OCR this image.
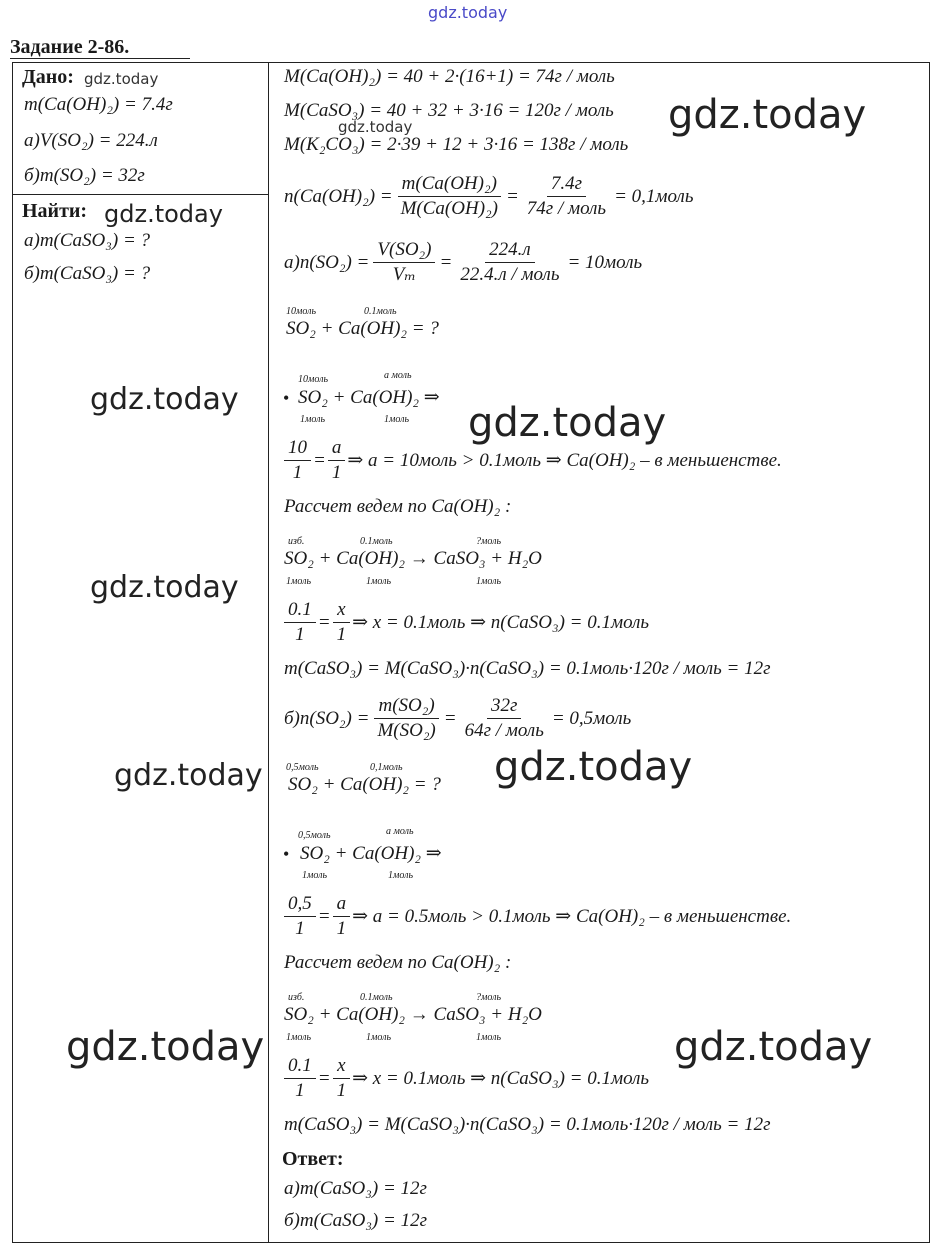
gdz.today
Задание 2-86.
Дано: gdz.today
m(Ca(OH)₂) = 7.4г
а)V(SO₂) = 224.л
б)m(SO₂) = 32г
Найти:
а)m(CaSO₃) = ?
б)m(CaSO₃) = ?
gdz.today
gdz.today	gdz.today
gdz.today
gdz.today
gdz.today
gdz.today	gdz.today
gdz.today	gdz.today
M(Ca(OH)₂) = 40 + 2·(16+1) = 74г / моль
M(CaSO₃) = 40 + 32 + 3·16 = 120г / моль
M(K₂CO₃) = 2·39 + 12 + 3·16 = 138г / моль
$n(Ca(OH)_2) = \frac{\text{m(Ca(OH)₂)}}{\text{M(Ca(OH)₂)}} = \frac{7.4г}{\text{74г / моль}}$ = 0,1моль
$а)n(SO_2) = \frac{\text{V(SO₂)}}{\text{Vₘ}} = \frac{224.л}{\text{22.4.л / моль}}$ = 10моль
10моль	0.1моль
SO₂ + Ca(OH)₂ = ?
10моль	a моль
• SO₂ + Ca(OH)₂ ⇒
1моль	1моль
$\frac{10}{1} = \frac{a}{1}$ ⇒ a = 10моль > 0.1моль ⇒ Ca(OH)₂ – в меньшенстве.
Рассчет ведем по Ca(OH)₂ :
изб.	0.1моль	?моль
SO₂ + Ca(OH)₂ → CaSO₃ + H₂O
1моль	1моль	1моль
$\frac{0.1}{1} = \frac{x}{1}$ ⇒ x = 0.1моль ⇒ n(CaSO₃) = 0.1моль
m(CaSO₃) = M(CaSO₃)·n(CaSO₃) = 0.1моль·120г / моль = 12г
$б)n(SO_2) = \frac{\text{m(SO₂)}}{\text{M(SO₂)}} = \frac{32г}{\text{64г / моль}}$ = 0,5моль
0,5моль	0,1моль
SO₂ + Ca(OH)₂ = ?
0,5моль	a моль
• SO₂ + Ca(OH)₂ ⇒
1моль	1моль
$\frac{0,5}{1} = \frac{a}{1}$ ⇒ a = 0.5моль > 0.1моль ⇒ Ca(OH)₂ – в меньшенстве.
Рассчет ведем по Ca(OH)₂ :
изб.	0.1моль	?моль
SO₂ + Ca(OH)₂ → CaSO₃ + H₂O
1моль	1моль	1моль
$\frac{0.1}{1} = \frac{x}{1}$ ⇒ x = 0.1моль ⇒ n(CaSO₃) = 0.1моль
m(CaSO₃) = M(CaSO₃)·n(CaSO₃) = 0.1моль·120г / моль = 12г
Ответ:
а)m(CaSO₃) = 12г
б)m(CaSO₃) = 12г
